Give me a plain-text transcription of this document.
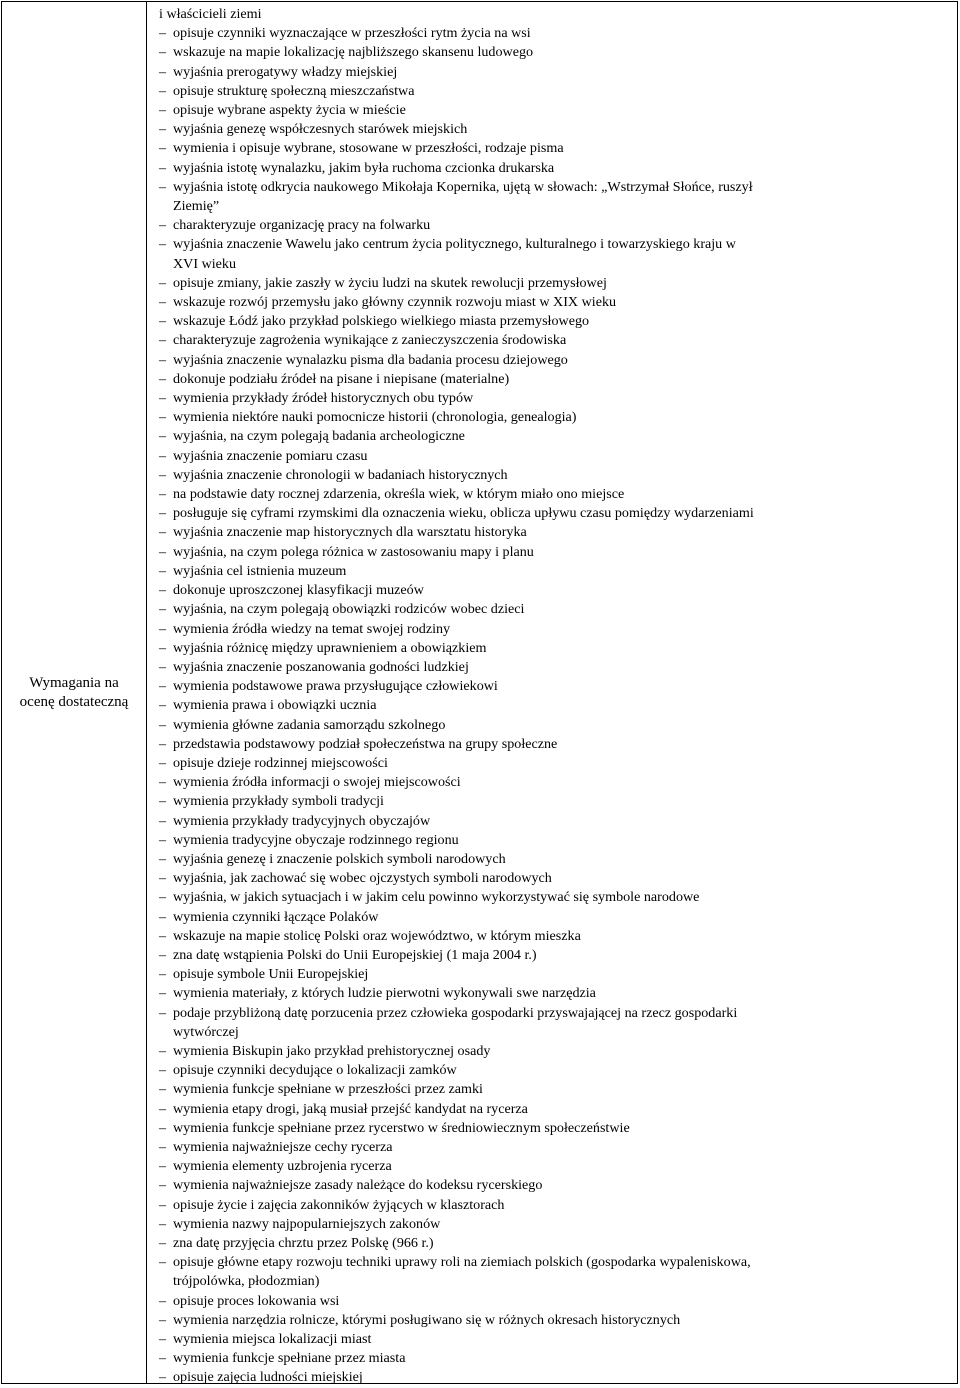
Wymagania na
ocenę dostateczną
i właścicieli ziemi
– opisuje czynniki wyznaczające w przeszłości rytm życia na wsi
– wskazuje na mapie lokalizację najbliższego skansenu ludowego
– wyjaśnia prerogatywy władzy miejskiej
– opisuje strukturę społeczną mieszczaństwa
– opisuje wybrane aspekty życia w mieście
– wyjaśnia genezę współczesnych starówek miejskich
– wymienia i opisuje wybrane, stosowane w przeszłości, rodzaje pisma
– wyjaśnia istotę wynalazku, jakim była ruchoma czcionka drukarska
– wyjaśnia istotę odkrycia naukowego Mikołaja Kopernika, ujętą w słowach: „Wstrzymał Słońce, ruszył
Ziemię”
– charakteryzuje organizację pracy na folwarku
– wyjaśnia znaczenie Wawelu jako centrum życia politycznego, kulturalnego i towarzyskiego kraju w
XVI wieku
– opisuje zmiany, jakie zaszły w życiu ludzi na skutek rewolucji przemysłowej
– wskazuje rozwój przemysłu jako główny czynnik rozwoju miast w XIX wieku
– wskazuje Łódź jako przykład polskiego wielkiego miasta przemysłowego
– charakteryzuje zagrożenia wynikające z zanieczyszczenia środowiska
– wyjaśnia znaczenie wynalazku pisma dla badania procesu dziejowego
– dokonuje podziału źródeł na pisane i niepisane (materialne)
– wymienia przykłady źródeł historycznych obu typów
– wymienia niektóre nauki pomocnicze historii (chronologia, genealogia)
– wyjaśnia, na czym polegają badania archeologiczne
– wyjaśnia znaczenie pomiaru czasu
– wyjaśnia znaczenie chronologii w badaniach historycznych
– na podstawie daty rocznej zdarzenia, określa wiek, w którym miało ono miejsce
– posługuje się cyframi rzymskimi dla oznaczenia wieku, oblicza upływu czasu pomiędzy wydarzeniami
– wyjaśnia znaczenie map historycznych dla warsztatu historyka
– wyjaśnia, na czym polega różnica w zastosowaniu mapy i planu
– wyjaśnia cel istnienia muzeum
– dokonuje uproszczonej klasyfikacji muzeów
– wyjaśnia, na czym polegają obowiązki rodziców wobec dzieci
– wymienia źródła wiedzy na temat swojej rodziny
– wyjaśnia różnicę między uprawnieniem a obowiązkiem
– wyjaśnia znaczenie poszanowania godności ludzkiej
– wymienia podstawowe prawa przysługujące człowiekowi
– wymienia prawa i obowiązki ucznia
– wymienia główne zadania samorządu szkolnego
– przedstawia podstawowy podział społeczeństwa na grupy społeczne
– opisuje dzieje rodzinnej miejscowości
– wymienia źródła informacji o swojej miejscowości
– wymienia przykłady symboli tradycji
– wymienia przykłady tradycyjnych obyczajów
– wymienia tradycyjne obyczaje rodzinnego regionu
– wyjaśnia genezę i znaczenie polskich symboli narodowych
– wyjaśnia, jak zachować się wobec ojczystych symboli narodowych
– wyjaśnia, w jakich sytuacjach i w jakim celu powinno wykorzystywać się symbole narodowe
– wymienia czynniki łączące Polaków
– wskazuje na mapie stolicę Polski oraz województwo, w którym mieszka
– zna datę wstąpienia Polski do Unii Europejskiej (1 maja 2004 r.)
– opisuje symbole Unii Europejskiej
– wymienia materiały, z których ludzie pierwotni wykonywali swe narzędzia
– podaje przybliżoną datę porzucenia przez człowieka gospodarki przyswajającej na rzecz gospodarki
wytwórczej
– wymienia Biskupin jako przykład prehistorycznej osady
– opisuje czynniki decydujące o lokalizacji zamków
– wymienia funkcje spełniane w przeszłości przez zamki
– wymienia etapy drogi, jaką musiał przejść kandydat na rycerza
– wymienia funkcje spełniane przez rycerstwo w średniowiecznym społeczeństwie
– wymienia najważniejsze cechy rycerza
– wymienia elementy uzbrojenia rycerza
– wymienia najważniejsze zasady należące do kodeksu rycerskiego
– opisuje życie i zajęcia zakonników żyjących w klasztorach
– wymienia nazwy najpopularniejszych zakonów
– zna datę przyjęcia chrztu przez Polskę (966 r.)
– opisuje główne etapy rozwoju techniki uprawy roli na ziemiach polskich (gospodarka wypaleniskowa,
trójpolówka, płodozmian)
– opisuje proces lokowania wsi
– wymienia narzędzia rolnicze, którymi posługiwano się w różnych okresach historycznych
– wymienia miejsca lokalizacji miast
– wymienia funkcje spełniane przez miasta
– opisuje zajęcia ludności miejskiej
